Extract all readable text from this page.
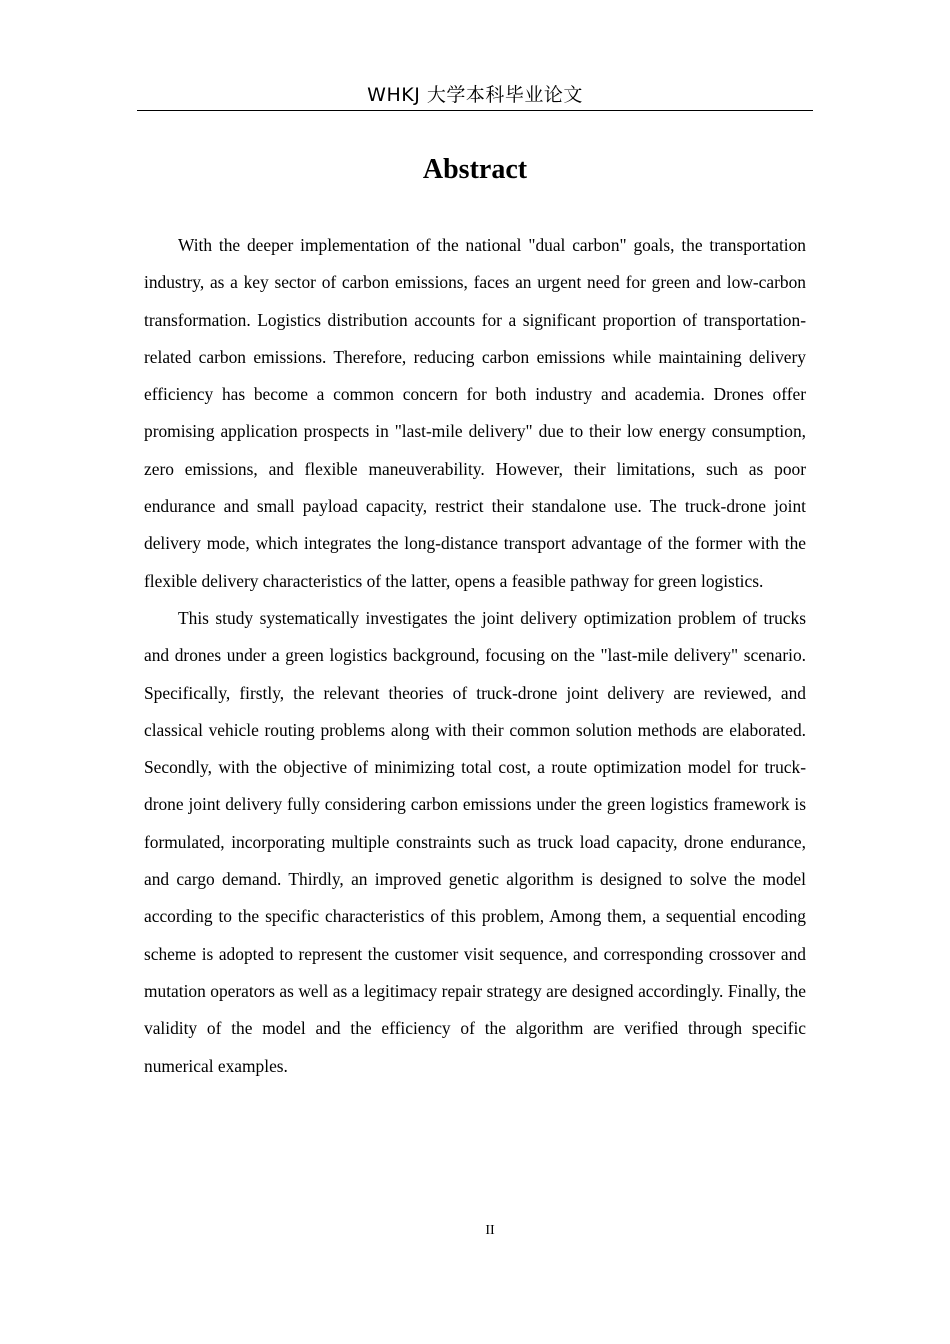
WHKJ 大学本科毕业论文
Abstract

With the deeper implementation of the national "dual carbon" goals, the transportation industry, as a key sector of carbon emissions, faces an urgent need for green and low-carbon transformation. Logistics distribution accounts for a significant proportion of transportation-related carbon emissions. Therefore, reducing carbon emissions while maintaining delivery efficiency has become a common concern for both industry and academia. Drones offer promising application prospects in "last-mile delivery" due to their low energy consumption, zero emissions, and flexible maneuverability. However, their limitations, such as poor endurance and small payload capacity, restrict their standalone use. The truck-drone joint delivery mode, which integrates the long-distance transport advantage of the former with the flexible delivery characteristics of the latter, opens a feasible pathway for green logistics.

This study systematically investigates the joint delivery optimization problem of trucks and drones under a green logistics background, focusing on the "last-mile delivery" scenario. Specifically, firstly, the relevant theories of truck-drone joint delivery are reviewed, and classical vehicle routing problems along with their common solution methods are elaborated. Secondly, with the objective of minimizing total cost, a route optimization model for truck-drone joint delivery fully considering carbon emissions under the green logistics framework is formulated, incorporating multiple constraints such as truck load capacity, drone endurance, and cargo demand. Thirdly, an improved genetic algorithm is designed to solve the model according to the specific characteristics of this problem, Among them, a sequential encoding scheme is adopted to represent the customer visit sequence, and corresponding crossover and mutation operators as well as a legitimacy repair strategy are designed accordingly. Finally, the validity of the model and the efficiency of the algorithm are verified through specific numerical examples.

II
